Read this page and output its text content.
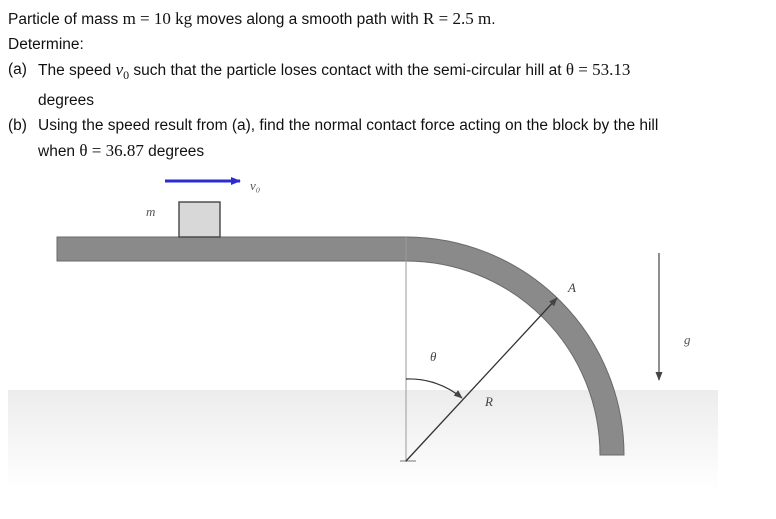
Particle of mass m = 10 kg moves along a smooth path with R = 2.5 m.
Determine:
(a) The speed $v_0$ such that the particle loses contact with the semi-circular hill at θ = 53.13
degrees
(b) Using the speed result from (a), find the normal contact force acting on the block by the hill
when θ = 36.87 degrees
v₀
m
A
θ
R
g
